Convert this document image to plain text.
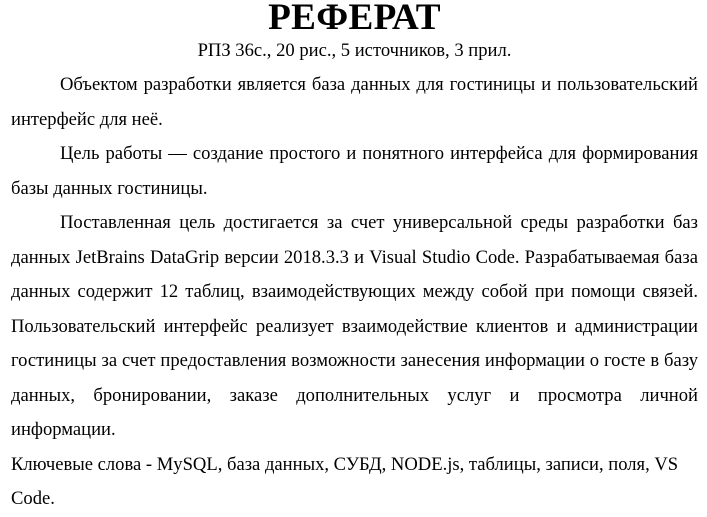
РЕФЕРАТ

РПЗ 36с., 20 рис., 5 источников, 3 прил.

Объектом разработки является база данных для гостиницы и пользовательский интерфейс для неё.

Цель работы — создание простого и понятного интерфейса для формирования базы данных гостиницы.

Поставленная цель достигается за счет универсальной среды разработки баз данных JetBrains DataGrip версии 2018.3.3 и Visual Studio Code. Разрабатываемая база данных содержит 12 таблиц, взаимодействующих между собой при помощи связей. Пользовательский интерфейс реализует взаимодействие клиентов и администрации гостиницы за счет предоставления возможности занесения информации о госте в базу данных, бронировании, заказе дополнительных услуг и просмотра личной информации.

Ключевые слова - MySQL, база данных, СУБД, NODE.js, таблицы, записи, поля, VS Code.
